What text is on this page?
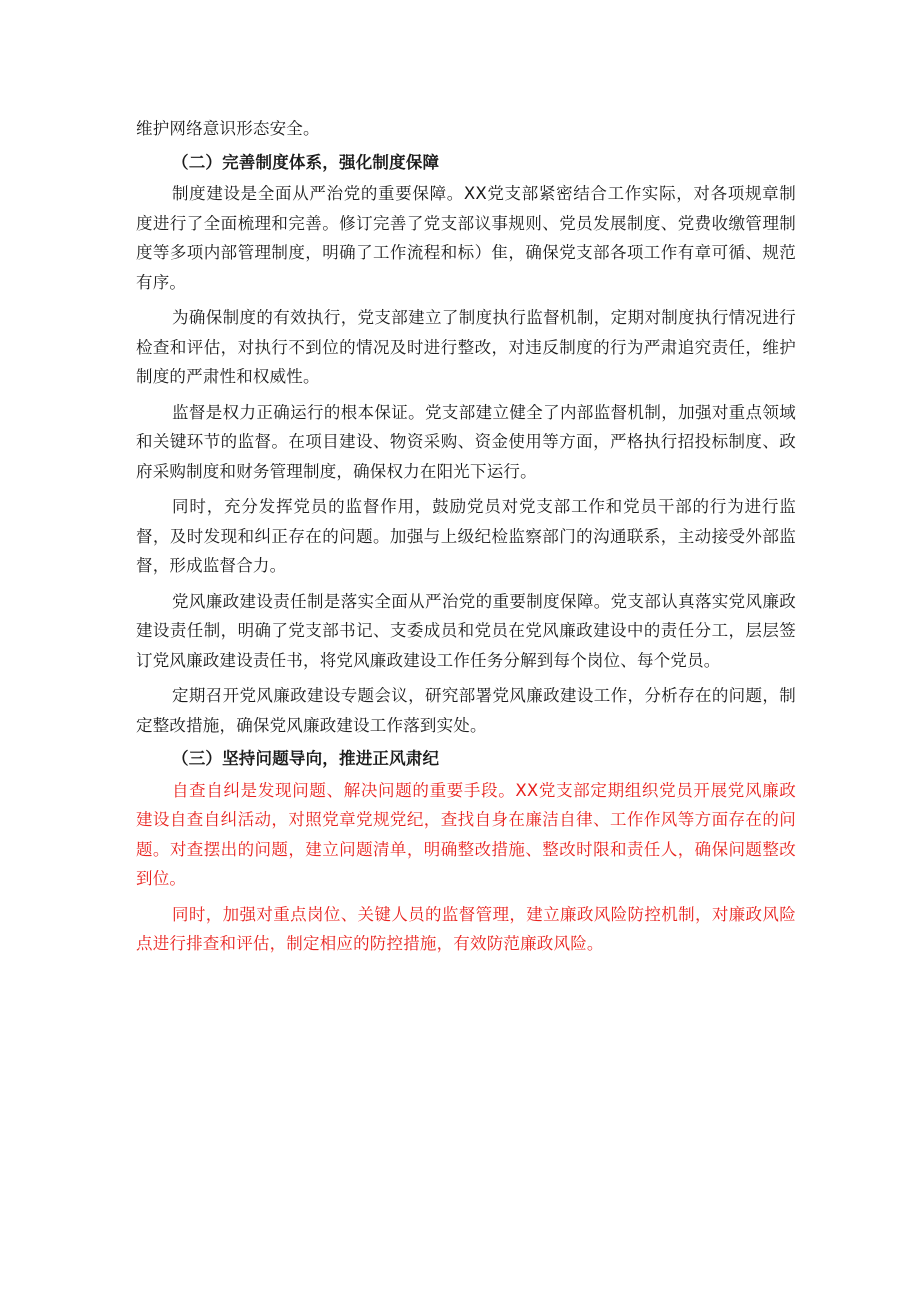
维护网络意识形态安全。

（二）完善制度体系，强化制度保障

制度建设是全面从严治党的重要保障。XX党支部紧密结合工作实际，对各项规章制度进行了全面梳理和完善。修订完善了党支部议事规则、党员发展制度、党费收缴管理制度等多项内部管理制度，明确了工作流程和标）隹，确保党支部各项工作有章可循、规范有序。

为确保制度的有效执行，党支部建立了制度执行监督机制，定期对制度执行情况进行检查和评估，对执行不到位的情况及时进行整改，对违反制度的行为严肃追究责任，维护制度的严肃性和权威性。

监督是权力正确运行的根本保证。党支部建立健全了内部监督机制，加强对重点领域和关键环节的监督。在项目建设、物资采购、资金使用等方面，严格执行招投标制度、政府采购制度和财务管理制度，确保权力在阳光下运行。

同时，充分发挥党员的监督作用，鼓励党员对党支部工作和党员干部的行为进行监督，及时发现和纠正存在的问题。加强与上级纪检监察部门的沟通联系，主动接受外部监督，形成监督合力。

党风廉政建设责任制是落实全面从严治党的重要制度保障。党支部认真落实党风廉政建设责任制，明确了党支部书记、支委成员和党员在党风廉政建设中的责任分工，层层签订党风廉政建设责任书，将党风廉政建设工作任务分解到每个岗位、每个党员。

定期召开党风廉政建设专题会议，研究部署党风廉政建设工作，分析存在的问题，制定整改措施，确保党风廉政建设工作落到实处。

（三）坚持问题导向，推进正风肃纪

自查自纠是发现问题、解决问题的重要手段。XX党支部定期组织党员开展党风廉政建设自查自纠活动，对照党章党规党纪，查找自身在廉洁自律、工作作风等方面存在的问题。对查摆出的问题，建立问题清单，明确整改措施、整改时限和责任人，确保问题整改到位。

同时，加强对重点岗位、关键人员的监督管理，建立廉政风险防控机制，对廉政风险点进行排查和评估，制定相应的防控措施，有效防范廉政风险。
